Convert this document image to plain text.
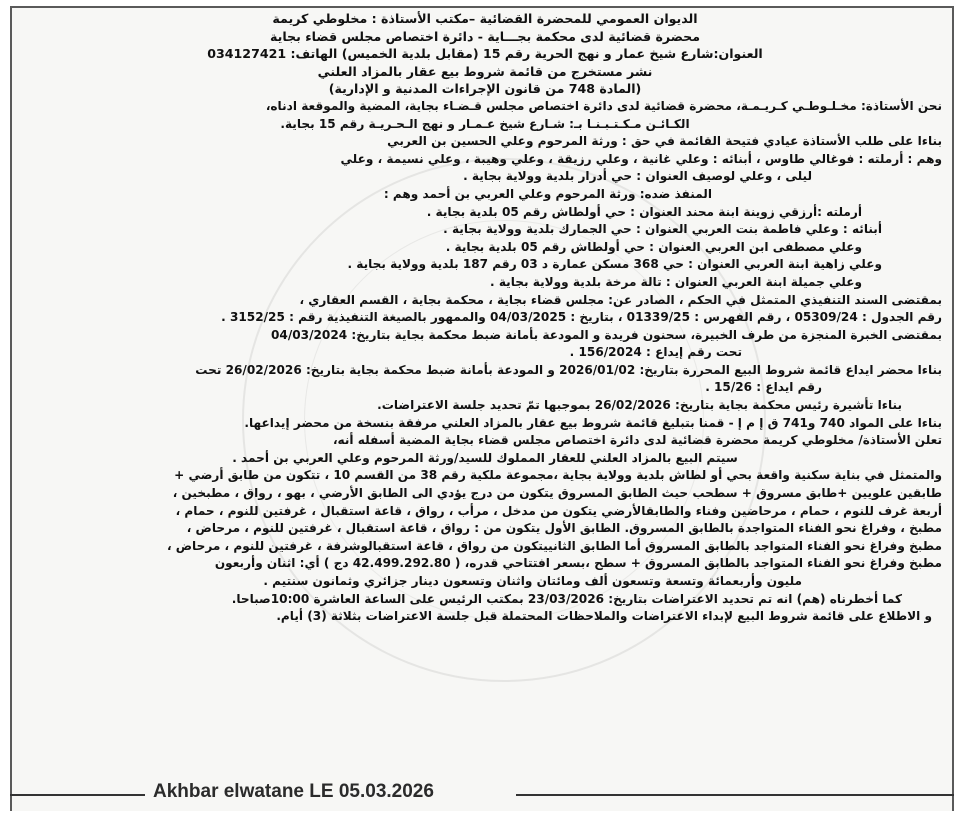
الديوان العمومي للمحضرة القضائية –مكتب الأستاذة : مخلوطي كريمة
محضرة قضائية لدى محكمة بجـــاية - دائرة اختصاص مجلس قضاء بجاية
العنوان:شارع شيخ عمار و نهج الحرية رقم 15 (مقابل بلدية الخميس) الهاتف: 034127421
نشر مستخرج من قائمة شروط بيع عقار بالمزاد العلني
(المادة 748 من قانون الإجراءات المدنية و الإدارية)
نحن الأستاذة: مخـلـوطـي كـريـمـة، محضرة قضائية لدى دائرة اختصاص مجلس قـضـاء بجاية، المضية والموقعة ادناه،
الكـائـن مـكـتـبـنـا بـ: شـارع شيخ عـمـار و نهج الـحـريـة رقم 15 بجاية.
بناءا على طلب الأستاذة عيادي فتيحة القائمة في حق : ورثة المرحوم وعلي الحسين بن العربي
وهم : أرملته : فوغالي طاوس ، أبنائه : وعلي غانية ، وعلي رزيقة ، وعلي وهيبة ، وعلي نسيمة ، وعلي
ليلى ، وعلي لوصيف العنوان : حي أدرار بلدية وولاية بجاية .
المنفذ ضده: ورثة المرحوم وعلي العربي بن أحمد وهم :
أرملته :أرزقي زوينة ابنة محند العنوان : حي أولطاش رقم 05 بلدية بجاية .
أبنائه : وعلي فاطمة بنت العربي العنوان : حي الجمارك بلدية وولاية بجاية .
وعلي مصطفى ابن العربي العنوان : حي أولطاش رقم 05 بلدية بجاية .
وعلي زاهية ابنة العربي العنوان : حي 368 مسكن عمارة د 03 رقم 187 بلدية وولاية بجاية .
وعلي جميلة ابنة العربي العنوان : تالة مرخة بلدية وولاية بجاية .
بمقتضى السند التنفيذي المتمثل في الحكم ، الصادر عن: مجلس قضاء بجاية ، محكمة بجاية ، القسم العقاري ،
رقم الجدول : 05309/24 ، رقم الفهرس : 01339/25 ، بتاريخ : 04/03/2025 والممهور بالصيغة التنفيذية رقم : 3152/25 .
بمقتضى الخبرة المنجزة من طرف الخبيرة، سحنون فريدة و المودعة بأمانة ضبط محكمة بجاية بتاريخ: 04/03/2024
تحت رقم إيداع : 156/2024 .
بناءا محضر ايداع قائمة شروط البيع المحررة بتاريخ: 2026/01/02 و المودعة بأمانة ضبط محكمة بجاية بتاريخ: 26/02/2026 تحت
رقم ايداع : 15/26 .
بناءا تأشيرة رئيس محكمة بجاية بتاريخ: 26/02/2026 بموجبها تمّ تحديد جلسة الاعتراضات.
بناءا على المواد 740 و741 ق إ م إ - قمنا بتبليغ قائمة شروط بيع عقار بالمزاد العلني مرفقة بنسخة من محضر إيداعها.
تعلن الأستاذة/ مخلوطي كريمة محضرة قضائية لدى دائرة اختصاص مجلس قضاء بجاية المضية أسفله أنه،
سيتم البيع بالمزاد العلني للعقار المملوك للسيد/ورثة المرحوم وعلي العربي بن أحمد .
والمتمثل في بناية سكنية واقعة بحي أو لطاش بلدية وولاية بجاية ،مجموعة ملكية رقم 38 من القسم 10 ، تتكون من طابق أرضي +
طابقين علويين +طابق مسروق + سطحب حيث الطابق المسروق يتكون من درج يؤدي الى الطابق الأرضي ، بهو ، رواق ، مطبخين ،
أربعة غرف للنوم ، حمام ، مرحاضين وفناء والطابقالأرضي يتكون من مدخل ، مرأب ، رواق ، قاعة استقبال ، غرفتين للنوم ، حمام ،
مطبخ ، وفراغ نحو الفناء المتواجدة بالطابق المسروق. الطابق الأول يتكون من : رواق ، قاعة استقبال ، غرفتين للنوم ، مرحاض ،
مطبخ وفراغ نحو الفناء المتواجد بالطابق المسروق أما الطابق الثانييتكون من رواق ، قاعة استقبالوشرفة ، غرفتين للنوم ، مرحاض ،
مطبخ وفراغ نحو الفناء المتواجد بالطابق المسروق + سطح ،بسعر افتتاحي قدره، ( 42.499.292.80 دج ) أي: اثنان وأربعون
مليون وأربعمائة وتسعة وتسعون ألف ومائتان واثنان وتسعون دينار جزائري وثمانون سنتيم .
كما أخطرناه (هم) انه تم تحديد الاعتراضات بتاريخ: 23/03/2026 بمكتب الرئيس على الساعة العاشرة 10:00صباحا.
و الاطلاع على قائمة شروط البيع لإبداء الاعتراضات والملاحظات المحتملة قبل جلسة الاعتراضات بثلاثة (3) أيام.
Akhbar elwatane LE 05.03.2026
